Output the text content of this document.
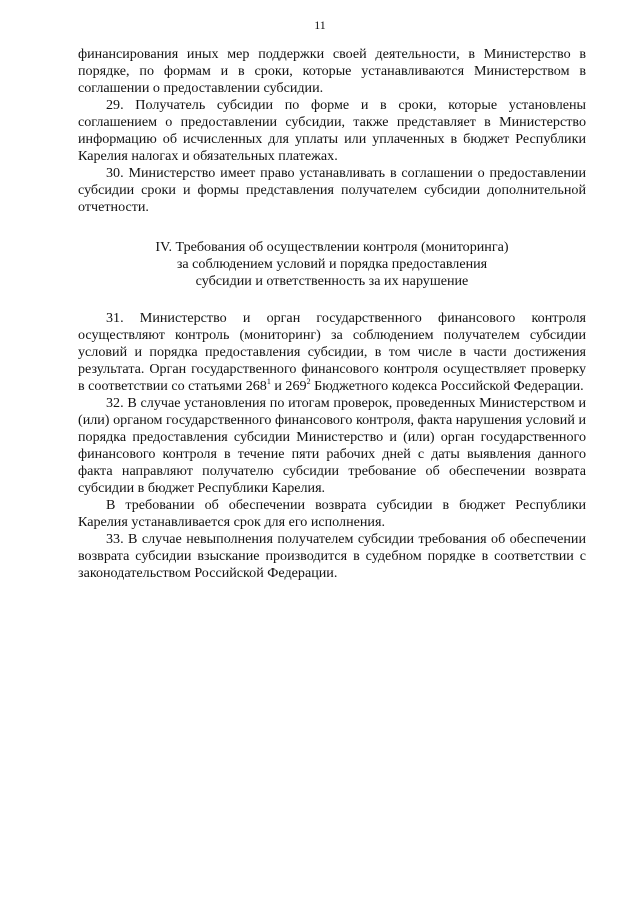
11

финансирования иных мер поддержки своей деятельности, в Министерство в порядке, по формам и в сроки, которые устанавливаются Министерством в соглашении о предоставлении субсидии.

29. Получатель субсидии по форме и в сроки, которые установлены соглашением о предоставлении субсидии, также представляет в Министерство информацию об исчисленных для уплаты или уплаченных в бюджет Республики Карелия налогах и обязательных платежах.

30. Министерство имеет право устанавливать в соглашении о предоставлении субсидии сроки и формы представления получателем субсидии дополнительной отчетности.

IV. Требования об осуществлении контроля (мониторинга)
за соблюдением условий и порядка предоставления
субсидии и ответственность за их нарушение

31. Министерство и орган государственного финансового контроля осуществляют контроль (мониторинг) за соблюдением получателем субсидии условий и порядка предоставления субсидии, в том числе в части достижения результата. Орган государственного финансового контроля осуществляет проверку в соответствии со статьями $268^1$ и $269^2$ Бюджетного кодекса Российской Федерации.

32. В случае установления по итогам проверок, проведенных Министерством и (или) органом государственного финансового контроля, факта нарушения условий и порядка предоставления субсидии Министерство и (или) орган государственного финансового контроля в течение пяти рабочих дней с даты выявления данного факта направляют получателю субсидии требование об обеспечении возврата субсидии в бюджет Республики Карелия.

В требовании об обеспечении возврата субсидии в бюджет Республики Карелия устанавливается срок для его исполнения.

33. В случае невыполнения получателем субсидии требования об обеспечении возврата субсидии взыскание производится в судебном порядке в соответствии с законодательством Российской Федерации.
